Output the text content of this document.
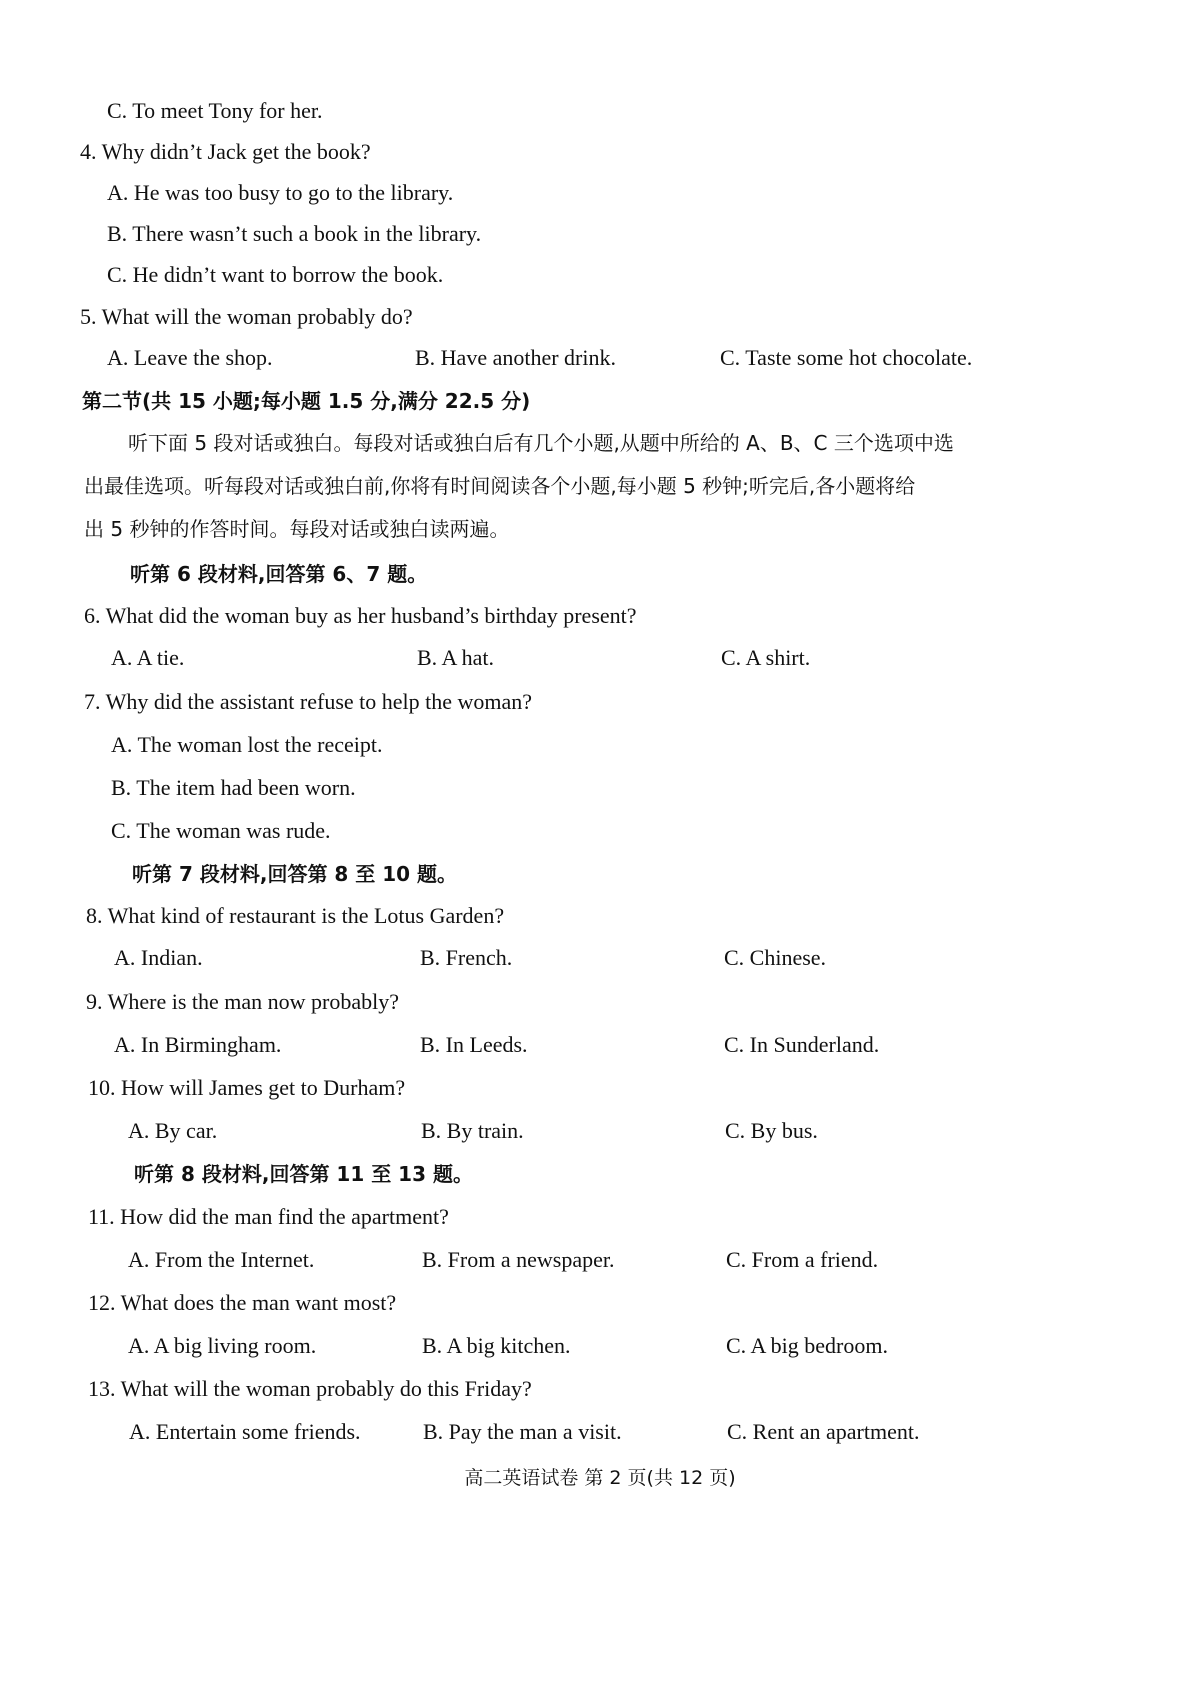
C. To meet Tony for her.
4. Why didn’t Jack get the book?
A. He was too busy to go to the library.
B. There wasn’t such a book in the library.
C. He didn’t want to borrow the book.
5. What will the woman probably do?
A. Leave the shop.	B. Have another drink.	C. Taste some hot chocolate.
第二节(共 15 小题;每小题 1.5 分,满分 22.5 分)
听下面 5 段对话或独白。每段对话或独白后有几个小题,从题中所给的 A、B、C 三个选项中选
出最佳选项。听每段对话或独白前,你将有时间阅读各个小题,每小题 5 秒钟;听完后,各小题将给
出 5 秒钟的作答时间。每段对话或独白读两遍。
听第 6 段材料,回答第 6、7 题。
6. What did the woman buy as her husband’s birthday present?
A. A tie.	B. A hat.	C. A shirt.
7. Why did the assistant refuse to help the woman?
A. The woman lost the receipt.
B. The item had been worn.
C. The woman was rude.
听第 7 段材料,回答第 8 至 10 题。
8. What kind of restaurant is the Lotus Garden?
A. Indian.	B. French.	C. Chinese.
9. Where is the man now probably?
A. In Birmingham.	B. In Leeds.	C. In Sunderland.
10. How will James get to Durham?
A. By car.	B. By train.	C. By bus.
听第 8 段材料,回答第 11 至 13 题。
11. How did the man find the apartment?
A. From the Internet.	B. From a newspaper.	C. From a friend.
12. What does the man want most?
A. A big living room.	B. A big kitchen.	C. A big bedroom.
13. What will the woman probably do this Friday?
A. Entertain some friends.	B. Pay the man a visit.	C. Rent an apartment.
高二英语试卷 第 2 页(共 12 页)
